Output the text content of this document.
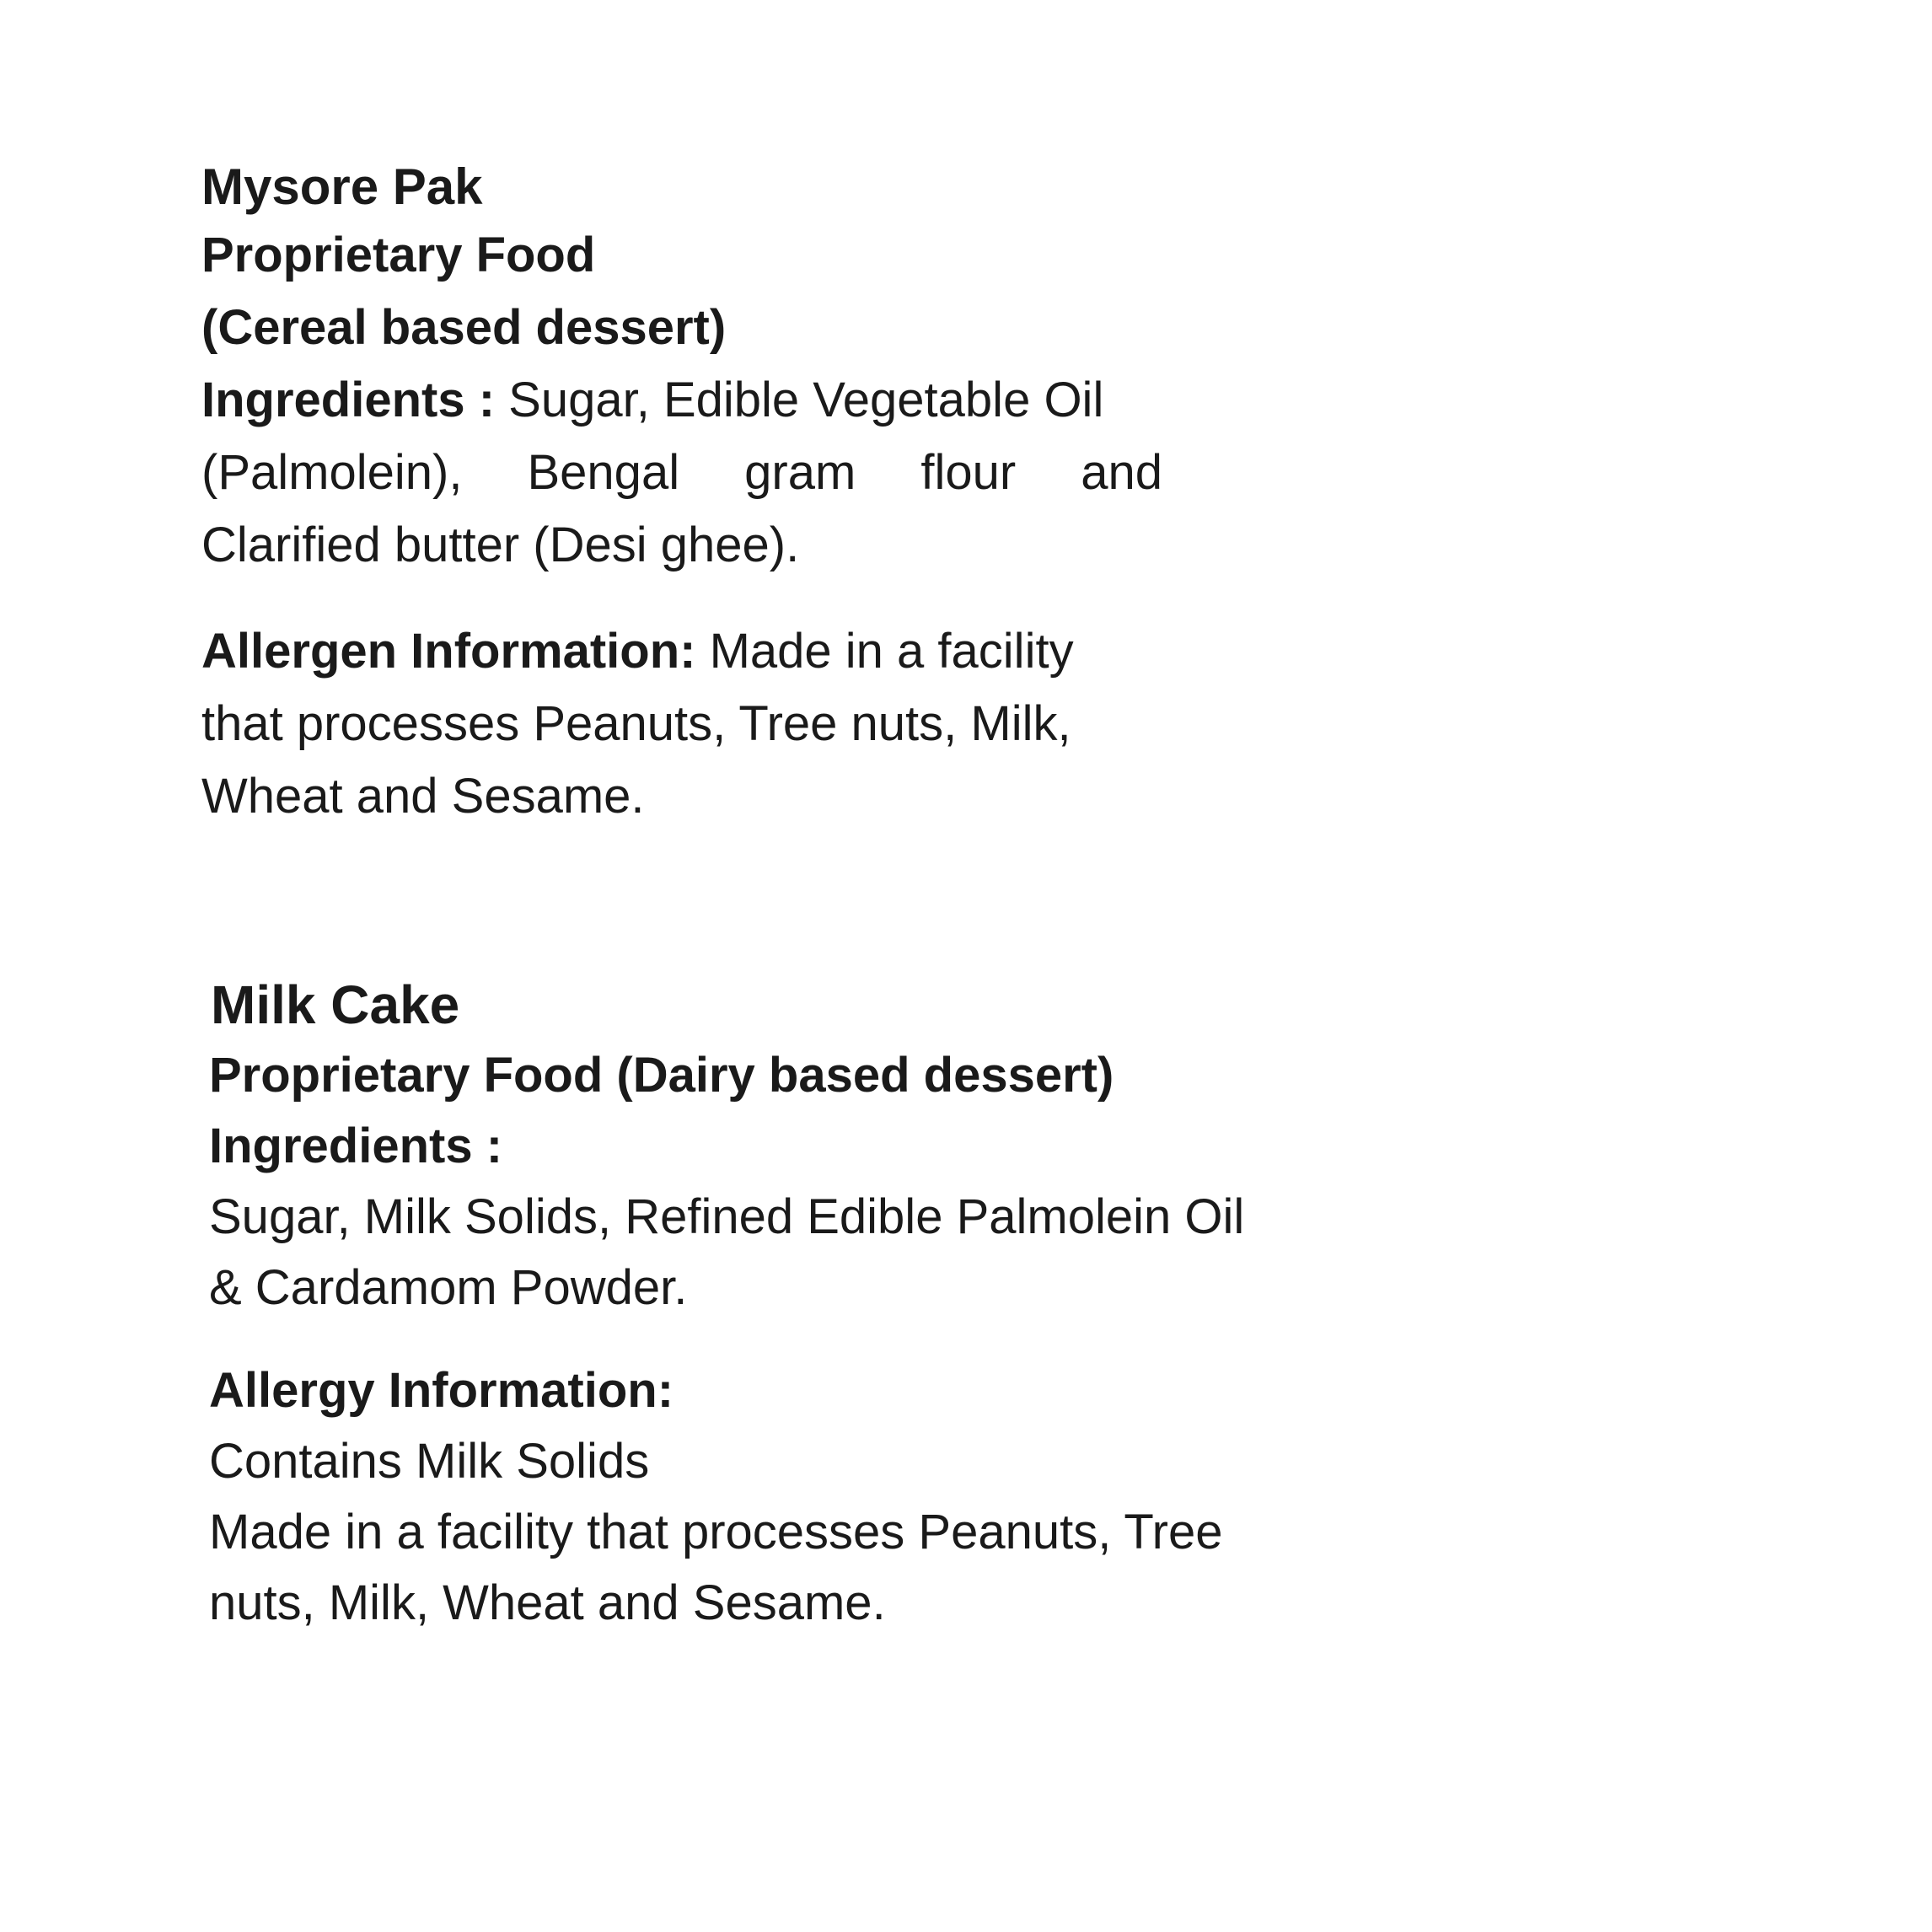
Mysore Pak
Proprietary Food
(Cereal based dessert)
Ingredients : Sugar, Edible Vegetable Oil
(Palmolein), Bengal gram flour and
Clarified butter (Desi ghee).
Allergen Information: Made in a facility
that processes Peanuts, Tree nuts, Milk,
Wheat and Sesame.
Milk Cake
Proprietary Food (Dairy based dessert)
Ingredients :
Sugar, Milk Solids, Refined Edible Palmolein Oil
& Cardamom Powder.
Allergy Information:
Contains Milk Solids
Made in a facility that processes Peanuts, Tree
nuts, Milk, Wheat and Sesame.
